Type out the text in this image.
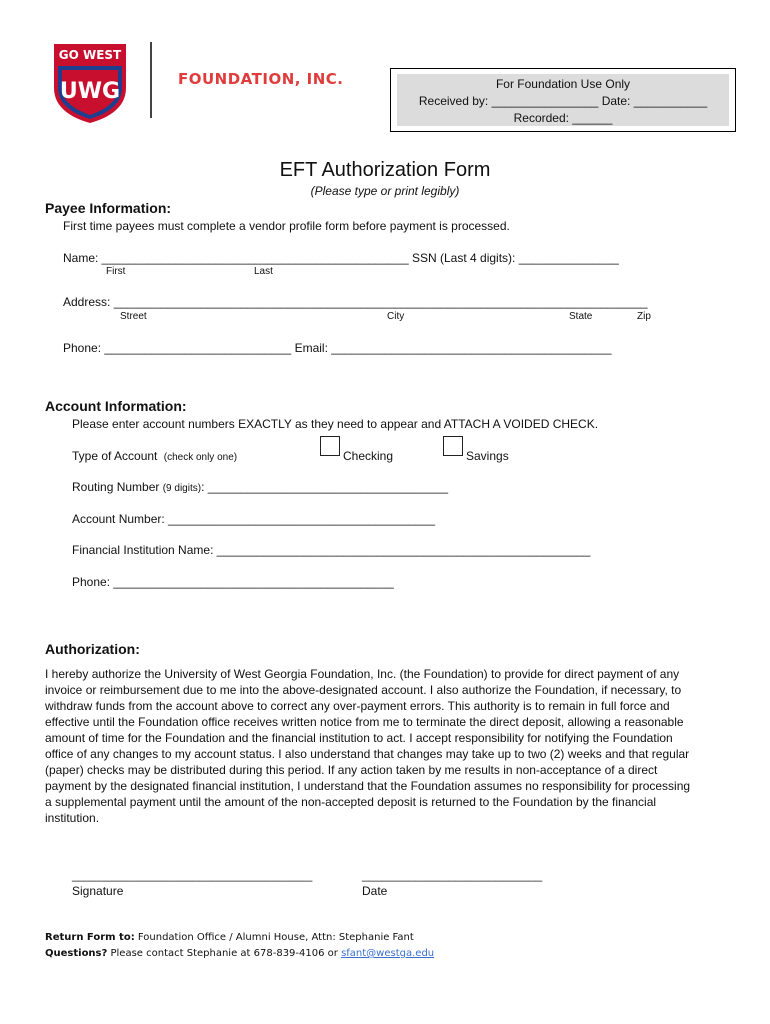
GO WEST
UWG	FOUNDATION, INC.	For Foundation Use Only
Received by: ________________ Date: ___________
Recorded: ______
EFT Authorization Form
(Please type or print legibly)
Payee Information:
First time payees must complete a vendor profile form before payment is processed.
Name: ______________________________________________ SSN (Last 4 digits): _______________
First	Last
Address: ________________________________________________________________________________
Street	City	State	Zip
Phone: ____________________________ Email: __________________________________________
Account Information:
Please enter account numbers EXACTLY as they need to appear and ATTACH A VOIDED CHECK.
Type of Account (check only one)	Checking	Savings
Routing Number (9 digits): ____________________________________
Account Number: ________________________________________
Financial Institution Name: ________________________________________________________
Phone: __________________________________________
Authorization:
I hereby authorize the University of West Georgia Foundation, Inc. (the Foundation) to provide for direct payment of any
invoice or reimbursement due to me into the above-designated account. I also authorize the Foundation, if necessary, to
withdraw funds from the account above to correct any over-payment errors. This authority is to remain in full force and
effective until the Foundation office receives written notice from me to terminate the direct deposit, allowing a reasonable
amount of time for the Foundation and the financial institution to act. I accept responsibility for notifying the Foundation
office of any changes to my account status. I also understand that changes may take up to two (2) weeks and that regular
(paper) checks may be distributed during this period. If any action taken by me results in non-acceptance of a direct
payment by the designated financial institution, I understand that the Foundation assumes no responsibility for processing
a supplemental payment until the amount of the non-accepted deposit is returned to the Foundation by the financial
institution.
____________________________________
Signature
___________________________
Date
Return Form to: Foundation Office / Alumni House, Attn: Stephanie Fant
Questions? Please contact Stephanie at 678-839-4106 or sfant@westga.edu
